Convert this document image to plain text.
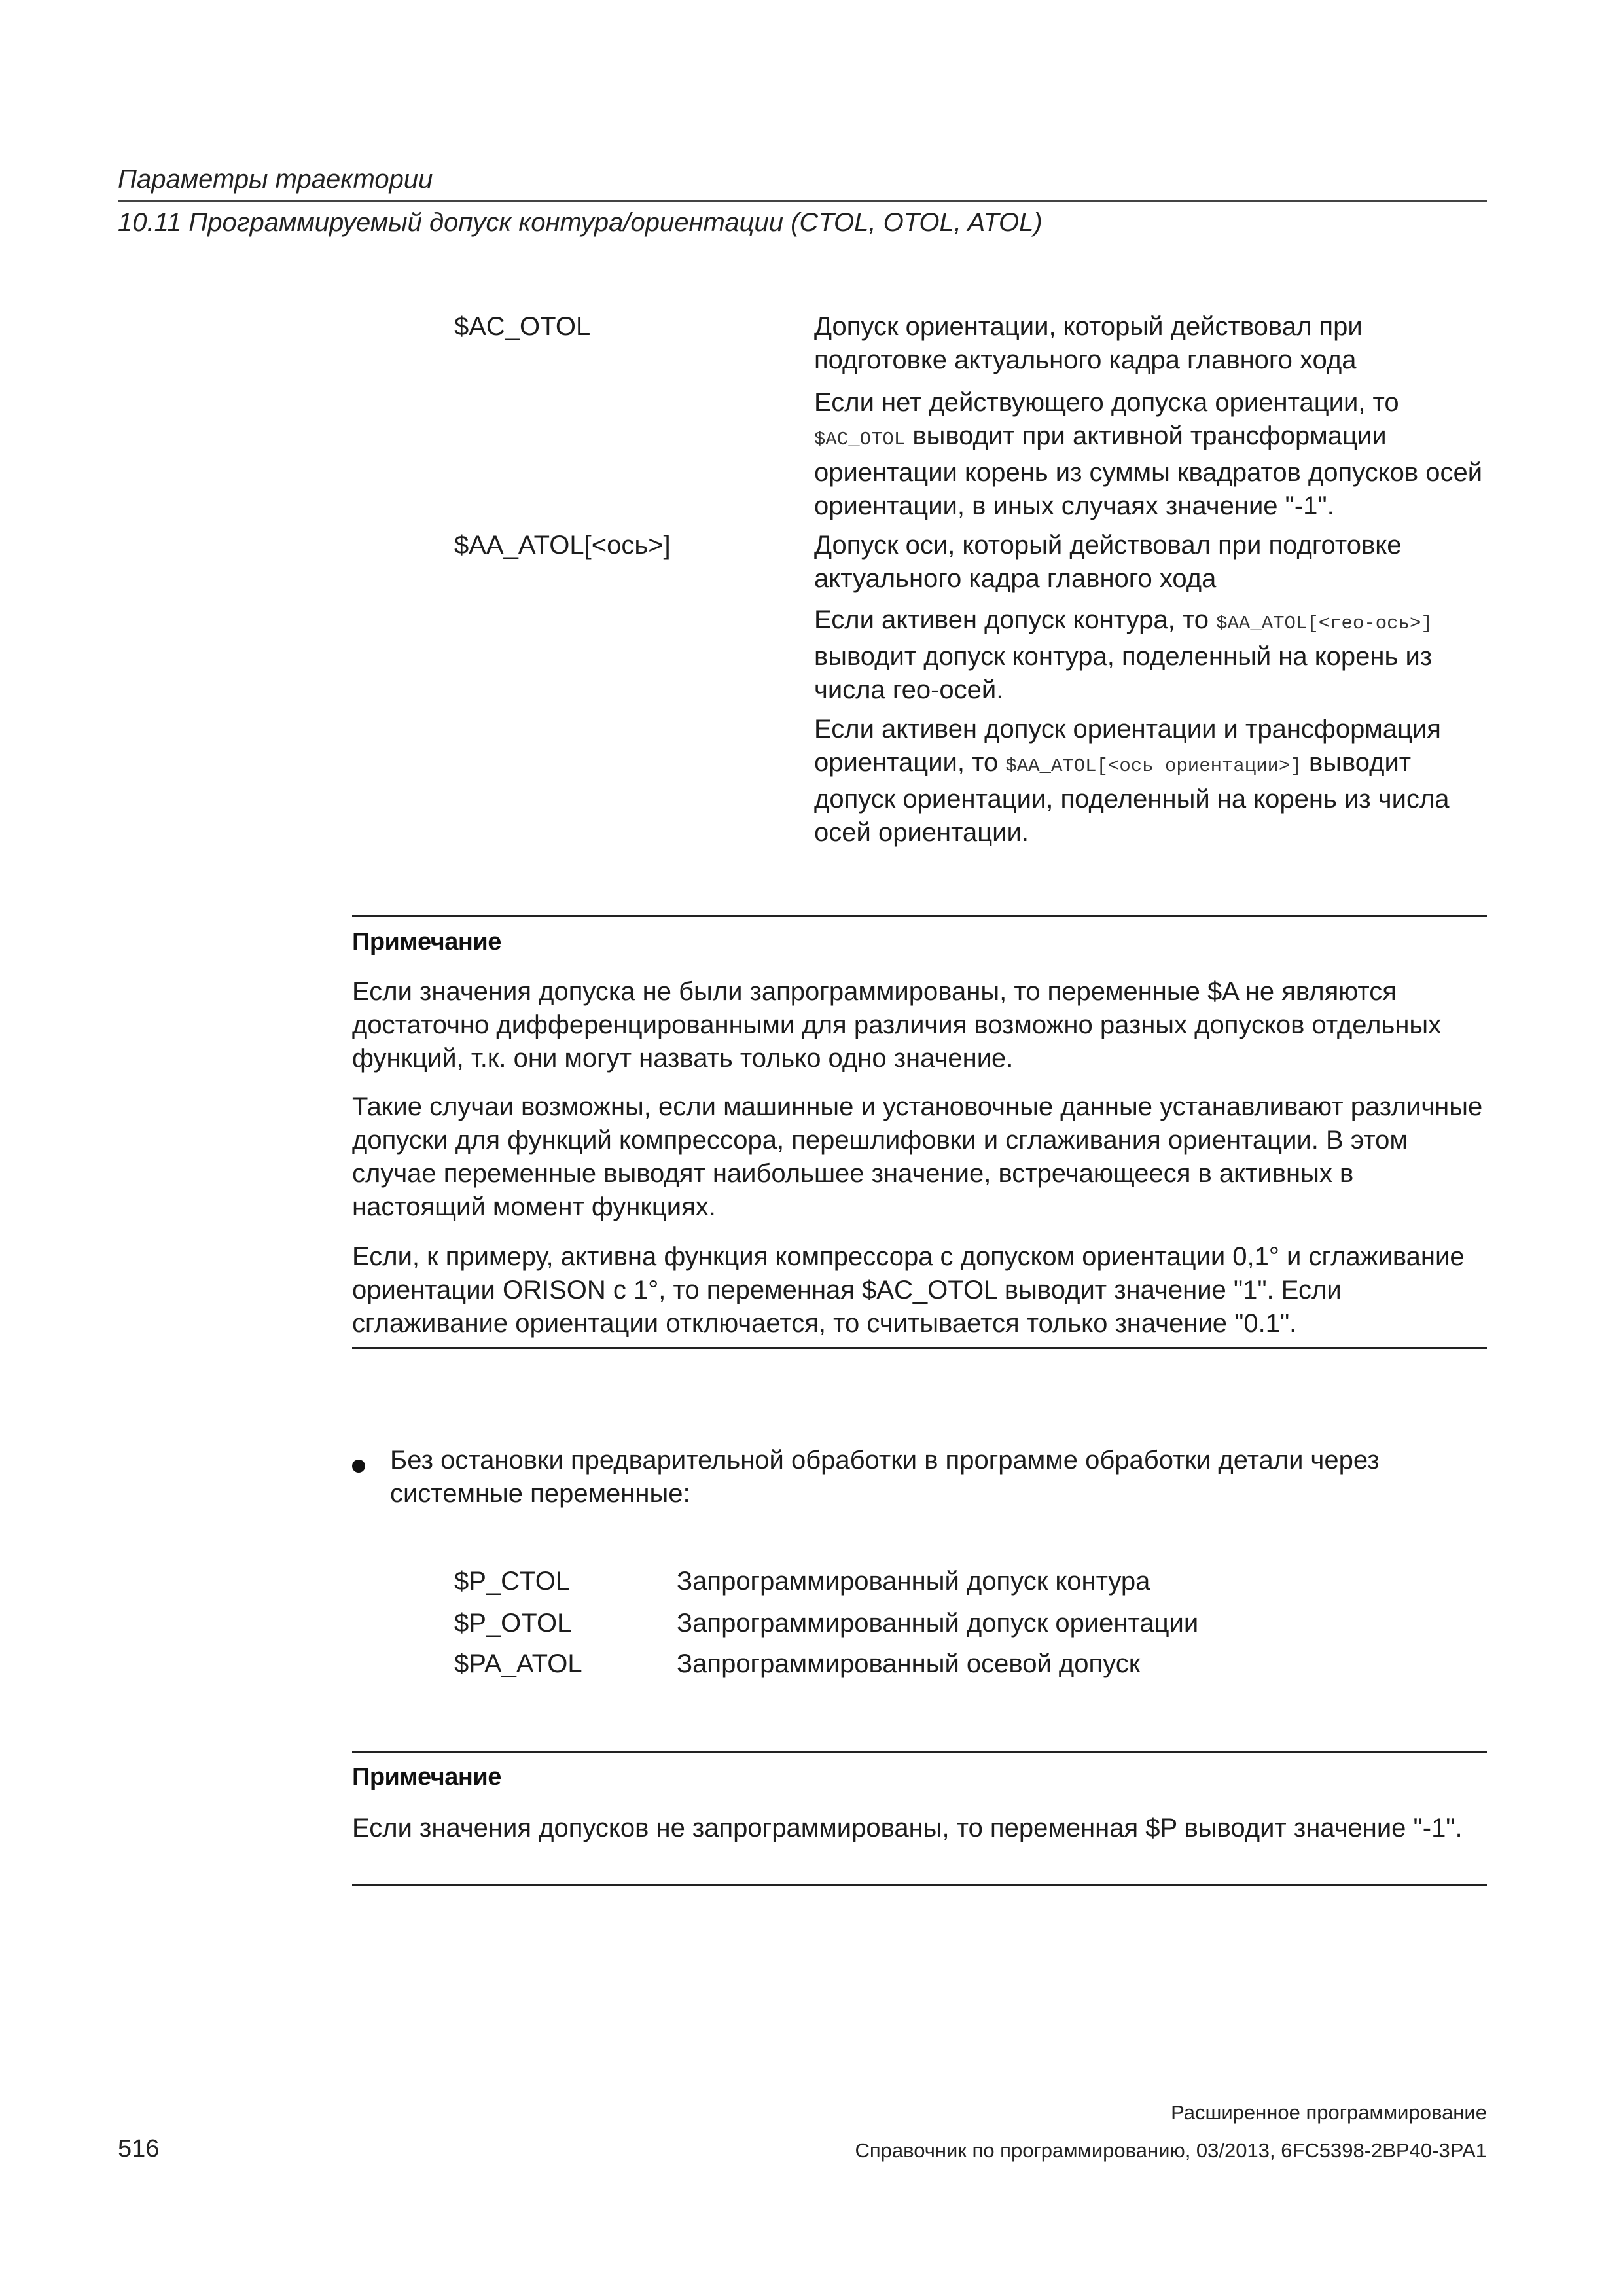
Параметры траектории
10.11 Программируемый допуск контура/ориентации (CTOL, OTOL, ATOL)
$AC_OTOL	Допуск ориентации, который действовал при подготовке актуального кадра главного хода
Если нет действующего допуска ориентации, то
$AC_OTOL выводит при активной трансформации ориентации корень из суммы квадратов допусков осей ориентации, в иных случаях значение "-1".
$AA_ATOL[<ось>]	Допуск оси, который действовал при подготовке актуального кадра главного хода
Если активен допуск контура, то $AA_ATOL[<гео-ось>] выводит допуск контура, поделенный на корень из числа гео-осей.
Если активен допуск ориентации и трансформация ориентации, то $AA_ATOL[<ось ориентации>] выводит допуск ориентации, поделенный на корень из числа осей ориентации.
Примечание
Если значения допуска не были запрограммированы, то переменные $A не являются достаточно дифференцированными для различия возможно разных допусков отдельных функций, т.к. они могут назвать только одно значение.
Такие случаи возможны, если машинные и установочные данные устанавливают различные допуски для функций компрессора, перешлифовки и сглаживания ориентации. В этом случае переменные выводят наибольшее значение, встречающееся в активных в настоящий момент функциях.
Если, к примеру, активна функция компрессора с допуском ориентации 0,1° и сглаживание ориентации ORISON с 1°, то переменная $AC_OTOL выводит значение "1". Если сглаживание ориентации отключается, то считывается только значение "0.1".
Без остановки предварительной обработки в программе обработки детали через системные переменные:
$P_CTOL	Запрограммированный допуск контура
$P_OTOL	Запрограммированный допуск ориентации
$PA_ATOL	Запрограммированный осевой допуск
Примечание
Если значения допусков не запрограммированы, то переменная $P выводит значение "-1".
Расширенное программирование
516	Справочник по программированию, 03/2013, 6FC5398-2BP40-3PA1
